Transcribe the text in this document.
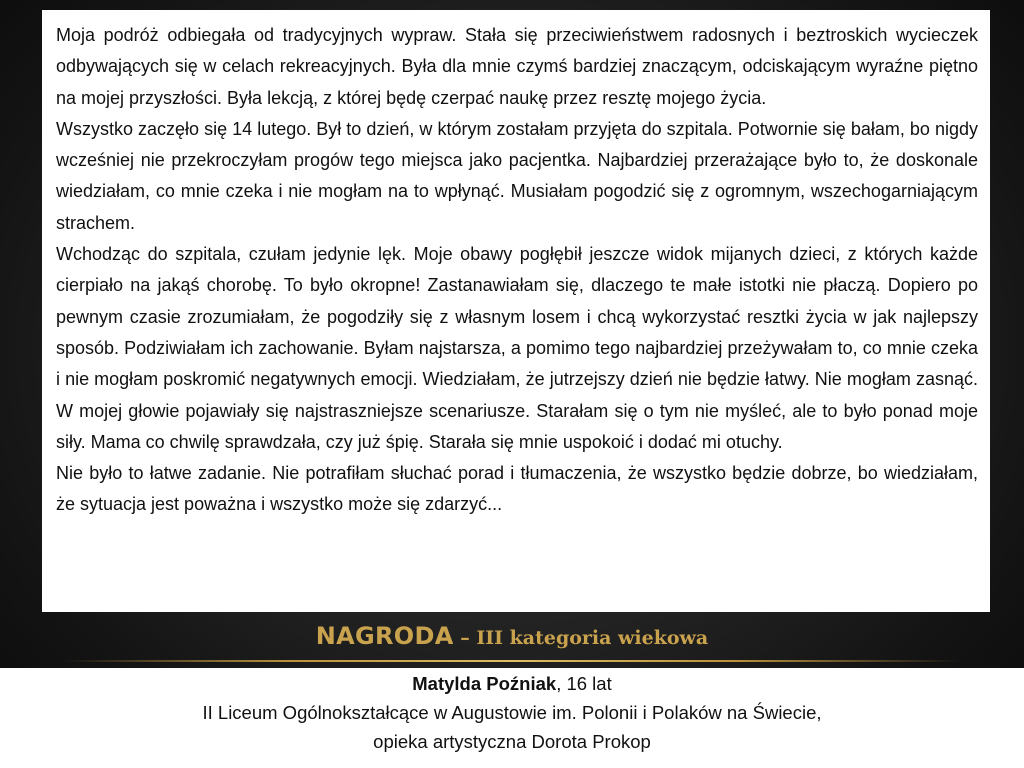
Moja podróż odbiegała od tradycyjnych wypraw. Stała się przeciwieństwem radosnych i beztroskich wycieczek odbywających się w celach rekreacyjnych. Była dla mnie czymś bardziej znaczącym, odciskającym wyraźne piętno na mojej przyszłości. Była lekcją, z której będę czerpać naukę przez resztę mojego życia.

Wszystko zaczęło się 14 lutego. Był to dzień, w którym zostałam przyjęta do szpitala. Potwornie się bałam, bo nigdy wcześniej nie przekroczyłam progów tego miejsca jako pacjentka. Najbardziej przerażające było to, że doskonale wiedziałam, co mnie czeka i nie mogłam na to wpłynąć. Musiałam pogodzić się z ogromnym, wszechogarniającym strachem.

Wchodząc do szpitala, czułam jedynie lęk. Moje obawy pogłębił jeszcze widok mijanych dzieci, z których każde cierpiało na jakąś chorobę. To było okropne! Zastanawiałam się, dlaczego te małe istotki nie płaczą. Dopiero po pewnym czasie zrozumiałam, że pogodziły się z własnym losem i chcą wykorzystać resztki życia w jak najlepszy sposób. Podziwiałam ich zachowanie. Byłam najstarsza, a pomimo tego najbardziej przeżywałam to, co mnie czeka i nie mogłam poskromić negatywnych emocji. Wiedziałam, że jutrzejszy dzień nie będzie łatwy. Nie mogłam zasnąć. W mojej głowie pojawiały się najstraszniejsze scenariusze. Starałam się o tym nie myśleć, ale to było ponad moje siły. Mama co chwilę sprawdzała, czy już śpię. Starała się mnie uspokoić i dodać mi otuchy.

Nie było to łatwe zadanie. Nie potrafiłam słuchać porad i tłumaczenia, że wszystko będzie dobrze, bo wiedziałam, że sytuacja jest poważna i wszystko może się zdarzyć...

NAGRODA – III kategoria wiekowa
Matylda Poźniak, 16 lat
II Liceum Ogólnokształcące w Augustowie im. Polonii i Polaków na Świecie,
opieka artystyczna Dorota Prokop
